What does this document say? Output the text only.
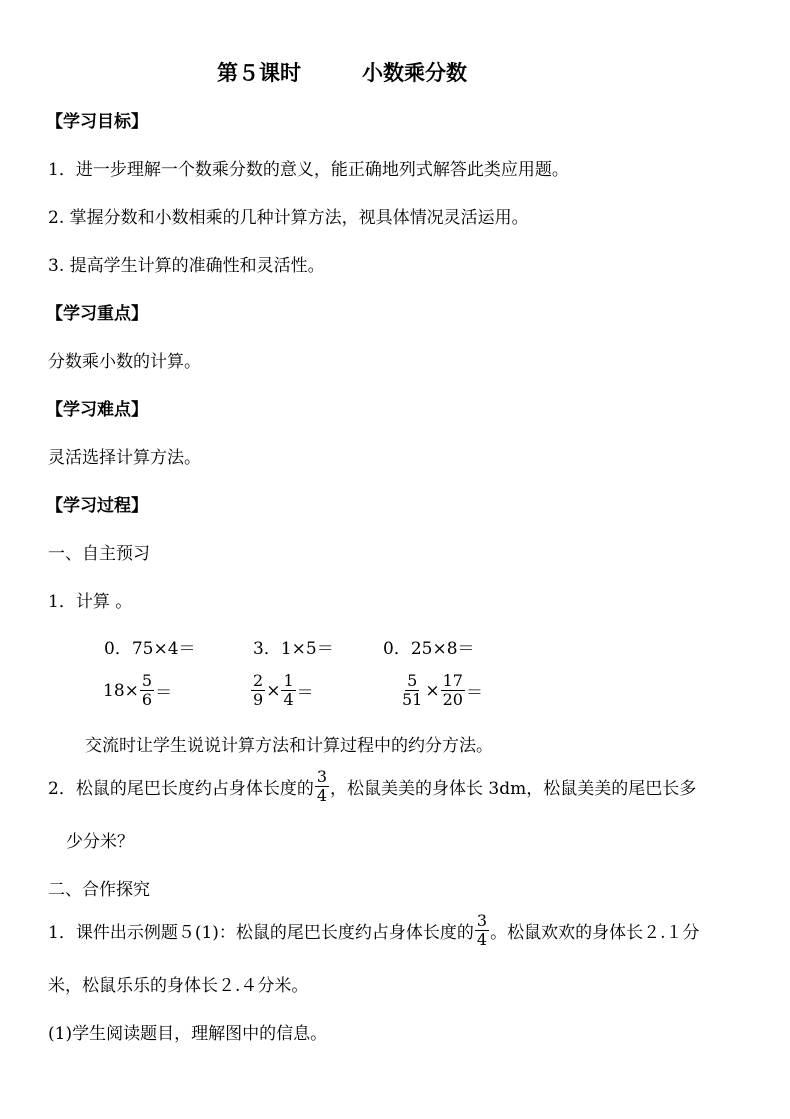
第５课时	小数乘分数
【学习目标】
1．进一步理解一个数乘分数的意义，能正确地列式解答此类应用题。
2. 掌握分数和小数相乘的几种计算方法，视具体情况灵活运用。
3. 提高学生计算的准确性和灵活性。
【学习重点】
分数乘小数的计算。
【学习难点】
灵活选择计算方法。
【学习过程】
一、自主预习
1．计算 。
0．75×4＝	3．1×5＝	0．25×8＝
$18\times \frac{5}{6}$ ＝	$\frac{2}{9} \times \frac{1}{4}$ ＝	$\frac{5}{51} \times \frac{17}{20}$ ＝
交流时让学生说说计算方法和计算过程中的约分方法。
2．松鼠的尾巴长度约占身体长度的 $\frac{3}{4}$ ，松鼠美美的身体长 3dm，松鼠美美的尾巴长多
少分米？
二、合作探究
1．课件出示例题５(1)：松鼠的尾巴长度约占身体长度的 $\frac{3}{4}$ 。松鼠欢欢的身体长２.１分
米，松鼠乐乐的身体长２.４分米。
(1)学生阅读题目，理解图中的信息。
